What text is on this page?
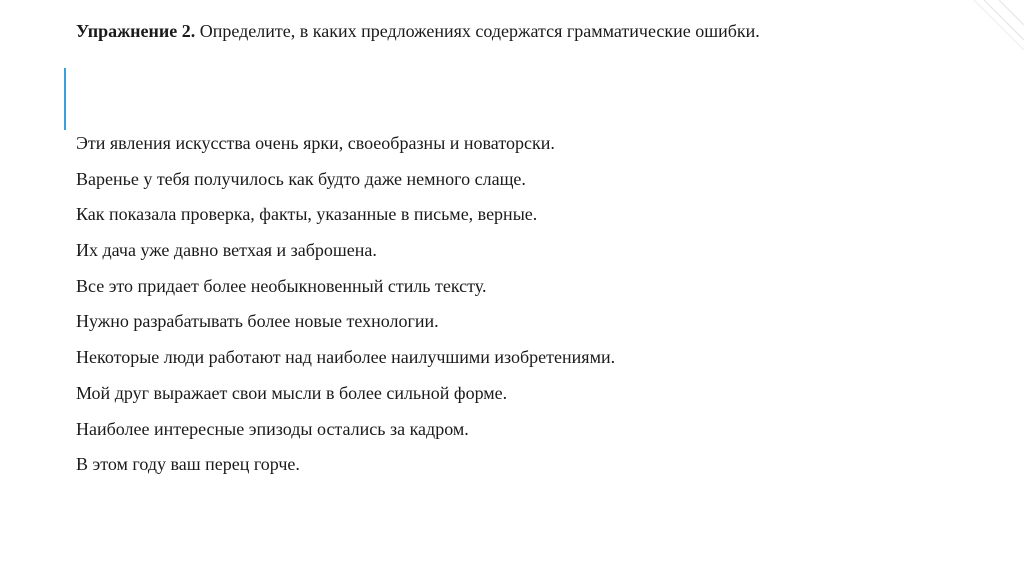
Упражнение 2. Определите, в каких предложениях содержатся грамматические ошибки.

Эти явления искусства очень ярки, своеобразны и новаторски.
Варенье у тебя получилось как будто даже немного слаще.
Как показала проверка, факты, указанные в письме, верные.
Их дача уже давно ветхая и заброшена.
Все это придает более необыкновенный стиль тексту.
Нужно разрабатывать более новые технологии.
Некоторые люди работают над наиболее наилучшими изобретениями.
Мой друг выражает свои мысли в более сильной форме.
Наиболее интересные эпизоды остались за кадром.
В этом году ваш перец горче.
